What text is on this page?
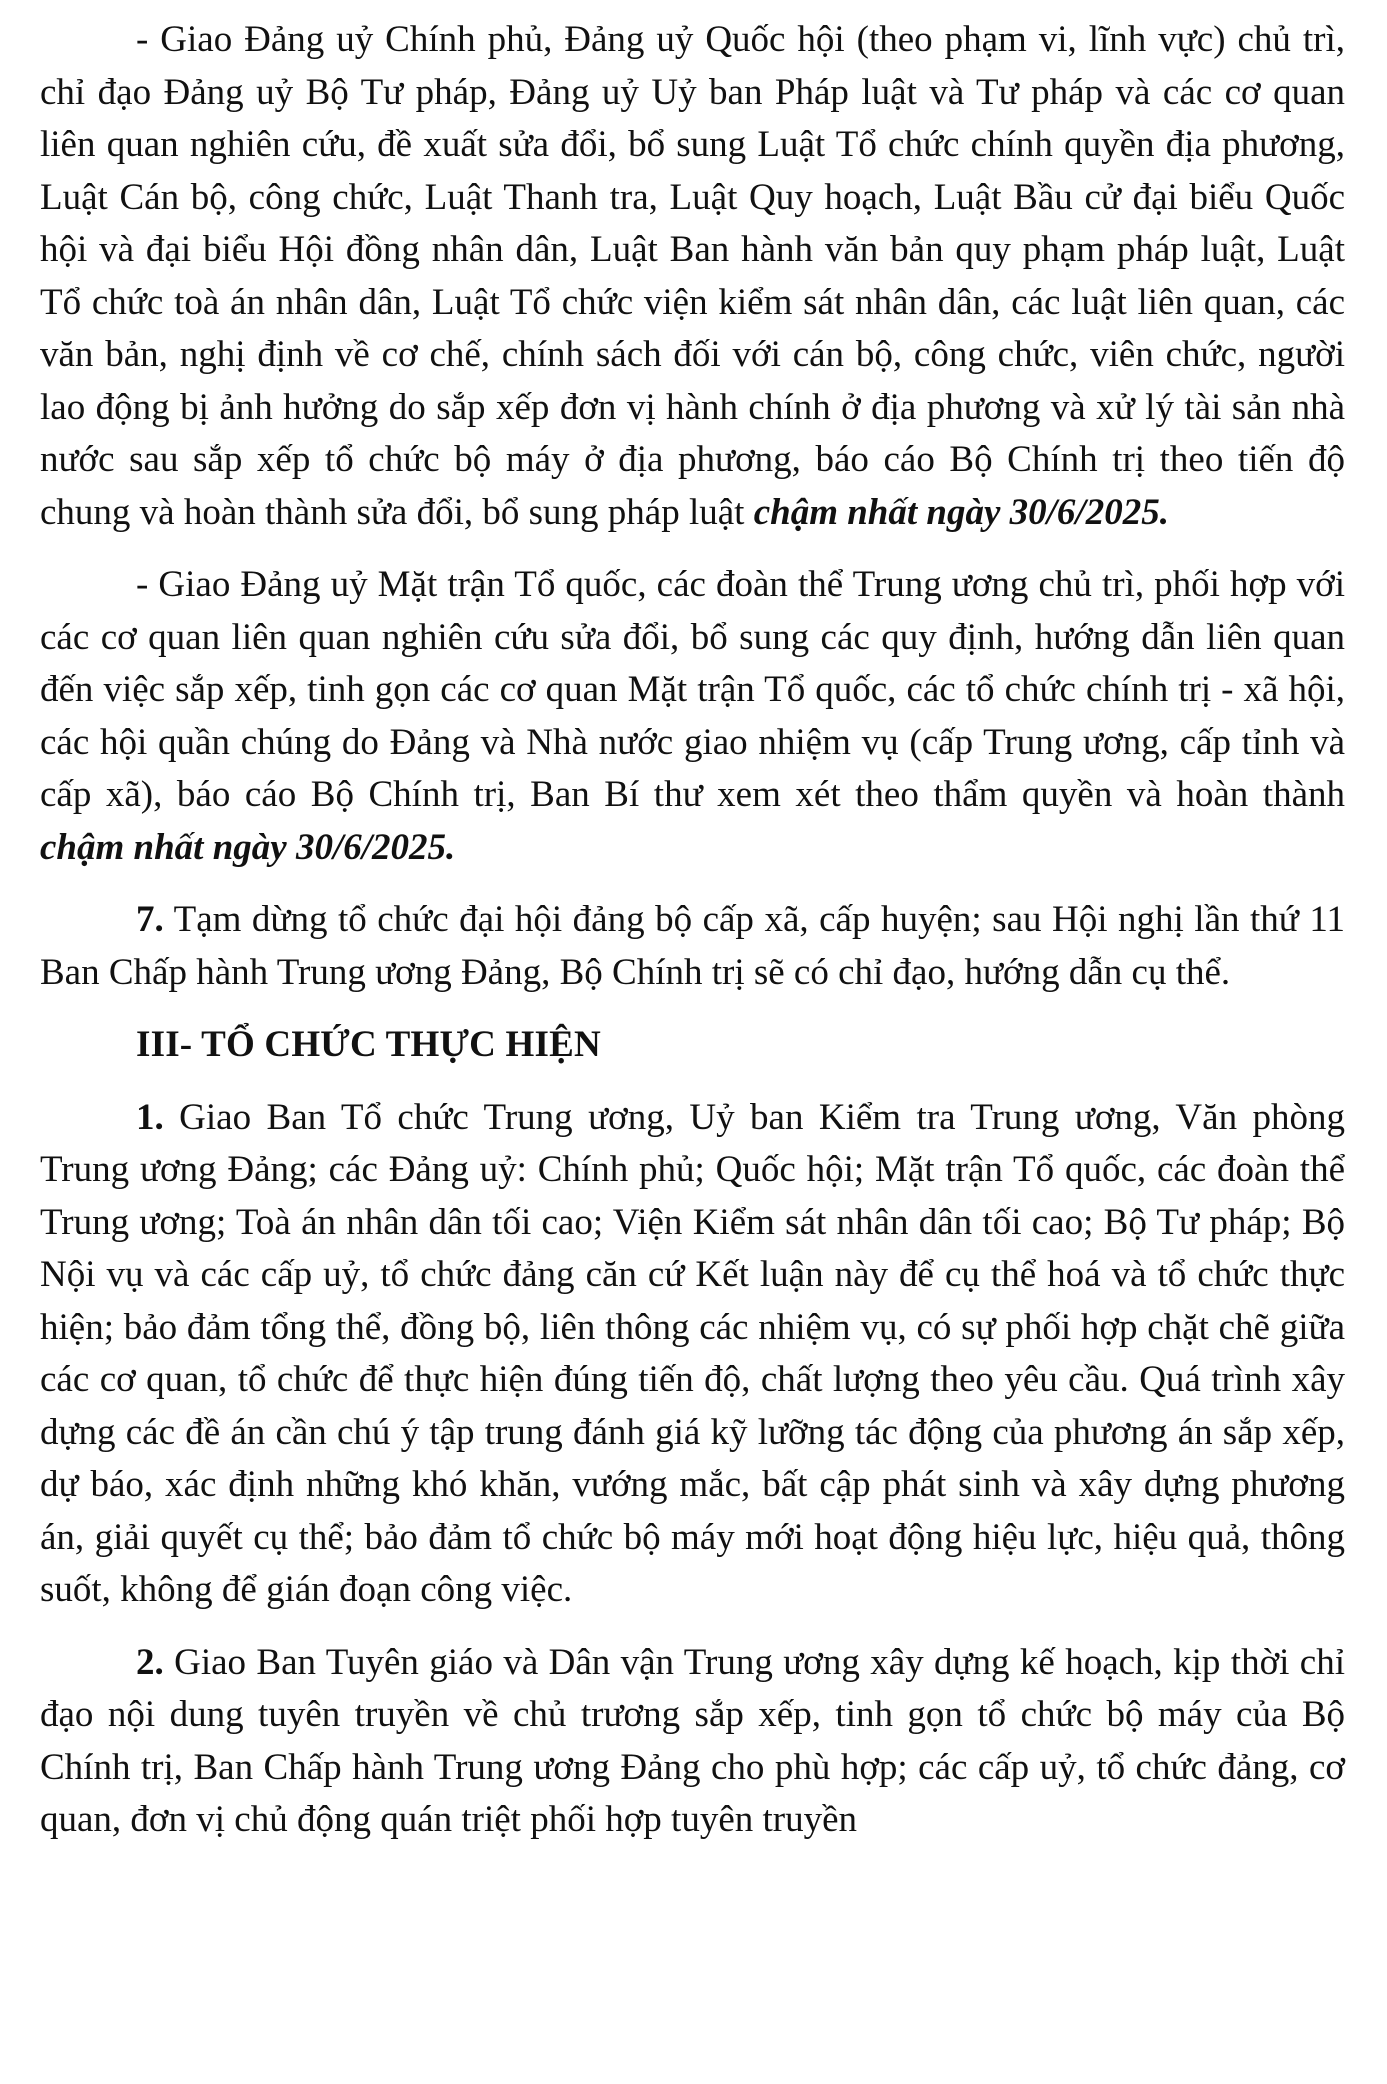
- Giao Đảng uỷ Chính phủ, Đảng uỷ Quốc hội (theo phạm vi, lĩnh vực) chủ trì, chỉ đạo Đảng uỷ Bộ Tư pháp, Đảng uỷ Uỷ ban Pháp luật và Tư pháp và các cơ quan liên quan nghiên cứu, đề xuất sửa đổi, bổ sung Luật Tổ chức chính quyền địa phương, Luật Cán bộ, công chức, Luật Thanh tra, Luật Quy hoạch, Luật Bầu cử đại biểu Quốc hội và đại biểu Hội đồng nhân dân, Luật Ban hành văn bản quy phạm pháp luật, Luật Tổ chức toà án nhân dân, Luật Tổ chức viện kiểm sát nhân dân, các luật liên quan, các văn bản, nghị định về cơ chế, chính sách đối với cán bộ, công chức, viên chức, người lao động bị ảnh hưởng do sắp xếp đơn vị hành chính ở địa phương và xử lý tài sản nhà nước sau sắp xếp tổ chức bộ máy ở địa phương, báo cáo Bộ Chính trị theo tiến độ chung và hoàn thành sửa đổi, bổ sung pháp luật chậm nhất ngày 30/6/2025.

- Giao Đảng uỷ Mặt trận Tổ quốc, các đoàn thể Trung ương chủ trì, phối hợp với các cơ quan liên quan nghiên cứu sửa đổi, bổ sung các quy định, hướng dẫn liên quan đến việc sắp xếp, tinh gọn các cơ quan Mặt trận Tổ quốc, các tổ chức chính trị - xã hội, các hội quần chúng do Đảng và Nhà nước giao nhiệm vụ (cấp Trung ương, cấp tỉnh và cấp xã), báo cáo Bộ Chính trị, Ban Bí thư xem xét theo thẩm quyền và hoàn thành chậm nhất ngày 30/6/2025.

7. Tạm dừng tổ chức đại hội đảng bộ cấp xã, cấp huyện; sau Hội nghị lần thứ 11 Ban Chấp hành Trung ương Đảng, Bộ Chính trị sẽ có chỉ đạo, hướng dẫn cụ thể.

III- TỔ CHỨC THỰC HIỆN

1. Giao Ban Tổ chức Trung ương, Uỷ ban Kiểm tra Trung ương, Văn phòng Trung ương Đảng; các Đảng uỷ: Chính phủ; Quốc hội; Mặt trận Tổ quốc, các đoàn thể Trung ương; Toà án nhân dân tối cao; Viện Kiểm sát nhân dân tối cao; Bộ Tư pháp; Bộ Nội vụ và các cấp uỷ, tổ chức đảng căn cứ Kết luận này để cụ thể hoá và tổ chức thực hiện; bảo đảm tổng thể, đồng bộ, liên thông các nhiệm vụ, có sự phối hợp chặt chẽ giữa các cơ quan, tổ chức để thực hiện đúng tiến độ, chất lượng theo yêu cầu. Quá trình xây dựng các đề án cần chú ý tập trung đánh giá kỹ lưỡng tác động của phương án sắp xếp, dự báo, xác định những khó khăn, vướng mắc, bất cập phát sinh và xây dựng phương án, giải quyết cụ thể; bảo đảm tổ chức bộ máy mới hoạt động hiệu lực, hiệu quả, thông suốt, không để gián đoạn công việc.

2. Giao Ban Tuyên giáo và Dân vận Trung ương xây dựng kế hoạch, kịp thời chỉ đạo nội dung tuyên truyền về chủ trương sắp xếp, tinh gọn tổ chức bộ máy của Bộ Chính trị, Ban Chấp hành Trung ương Đảng cho phù hợp; các cấp uỷ, tổ chức đảng, cơ quan, đơn vị chủ động quán triệt phối hợp tuyên truyền
